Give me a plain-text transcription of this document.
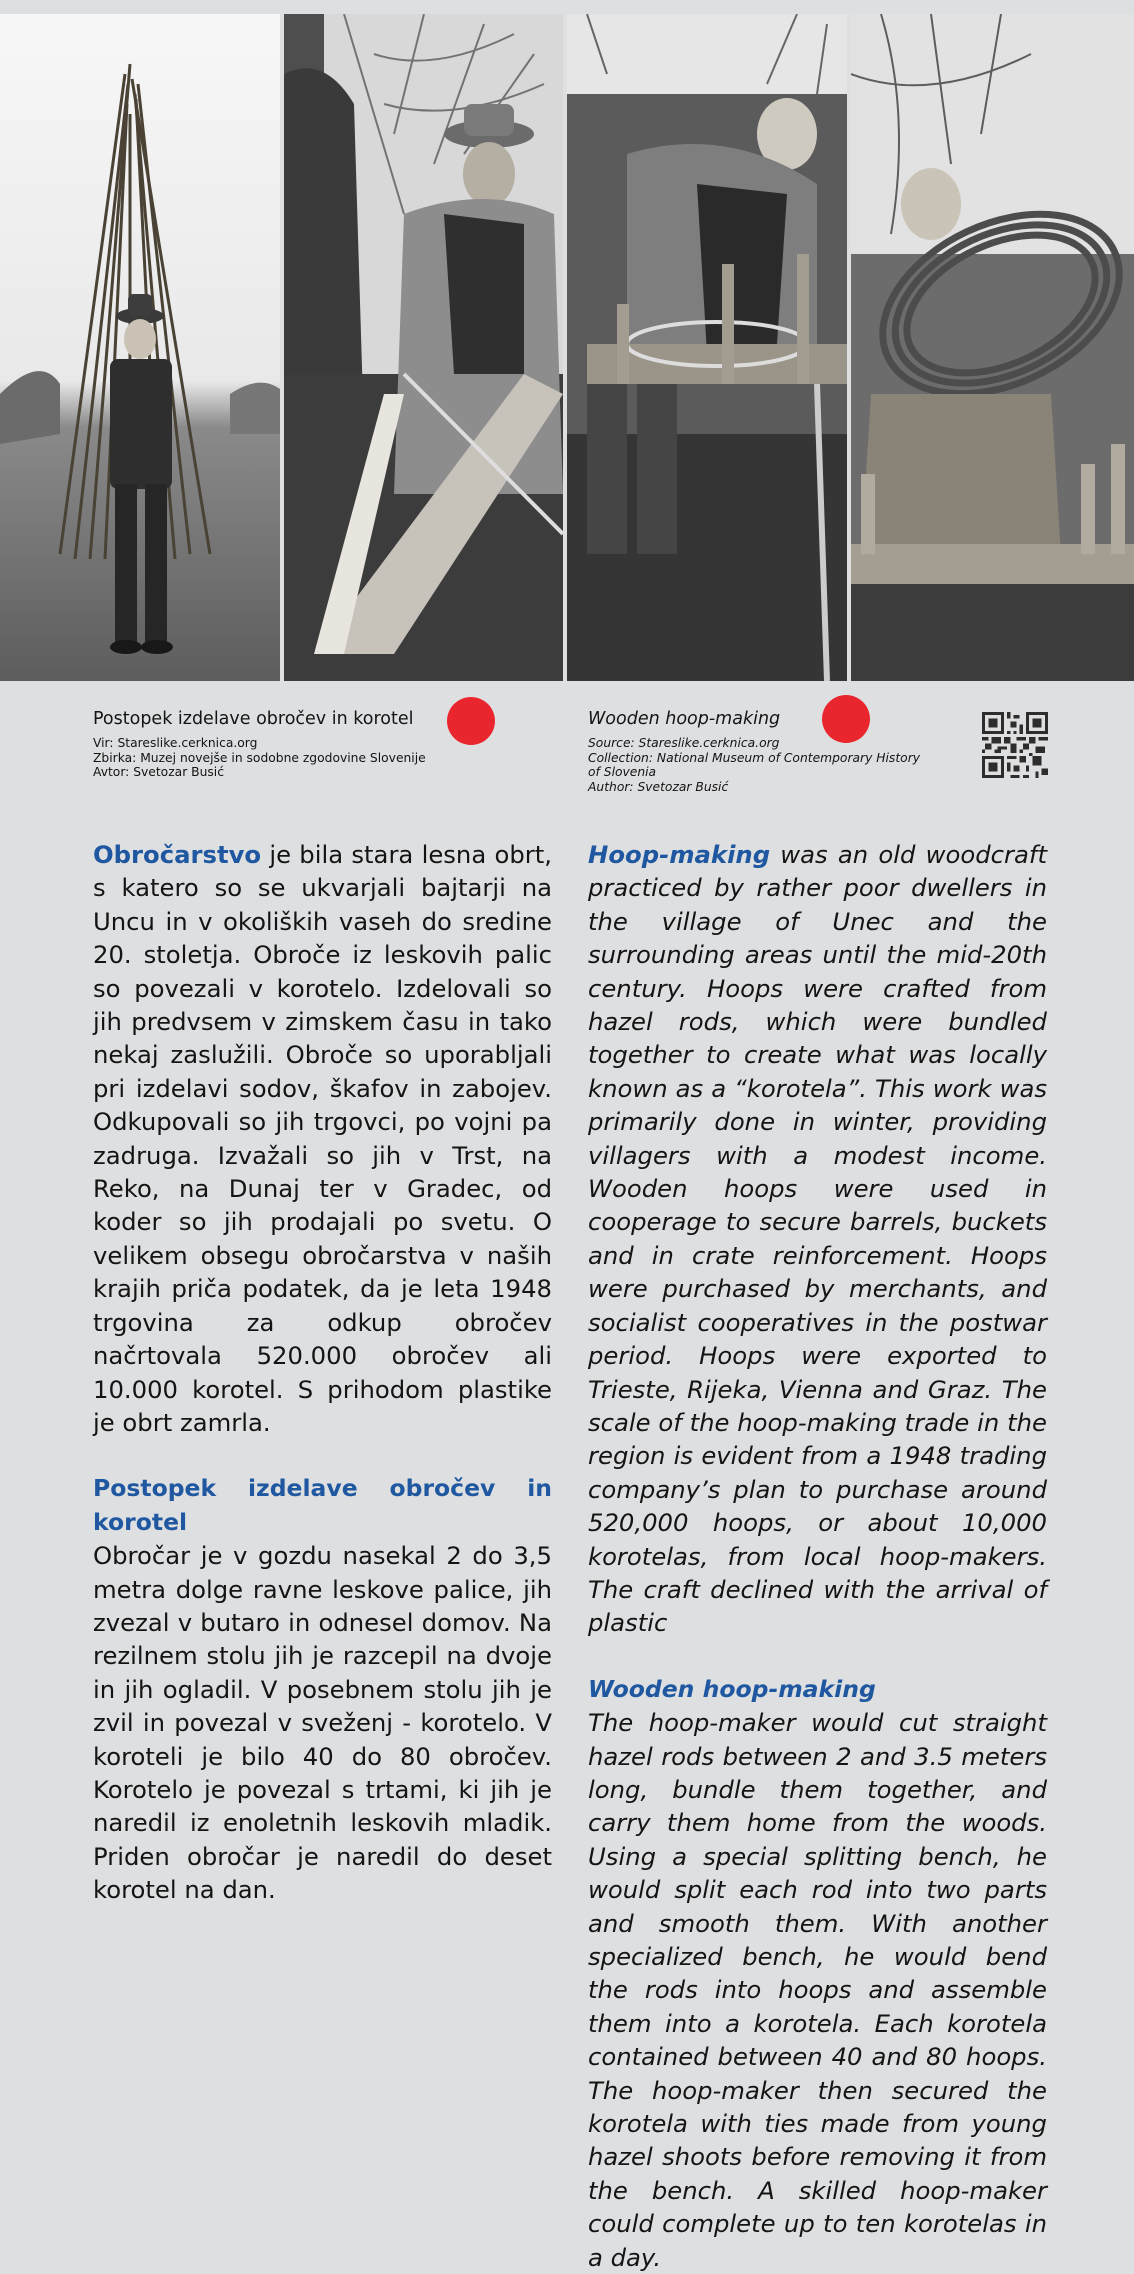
Postopek izdelave obročev in korotel
Vir: Stareslike.cerknica.org
Zbirka: Muzej novejše in sodobne zgodovine Slovenije
Avtor: Svetozar Busić
Wooden hoop-making
Source: Stareslike.cerknica.org
Collection: National Museum of Contemporary History
of Slovenia
Author: Svetozar Busić

Obročarstvo je bila stara lesna obrt, s katero so se ukvarjali bajtarji na Uncu in v okoliških vaseh do sredine 20. stoletja. Obroče iz leskovih palic so povezali v korotelo. Izdelovali so jih predvsem v zimskem času in tako nekaj zaslužili. Obroče so uporabljali pri izdelavi sodov, škafov in zabojev. Odkupovali so jih trgovci, po vojni pa zadruga. Izvažali so jih v Trst, na Reko, na Dunaj ter v Gradec, od koder so jih prodajali po svetu. O velikem obsegu obročarstva v naših krajih priča podatek, da je leta 1948 trgovina za odkup obročev načrtovala 520.000 obročev ali 10.000 korotel. S prihodom plastike je obrt zamrla.

Postopek izdelave obročev in korotel

Obročar je v gozdu nasekal 2 do 3,5 metra dolge ravne leskove palice, jih zvezal v butaro in odnesel domov. Na rezilnem stolu jih je razcepil na dvoje in jih ogladil. V posebnem stolu jih je zvil in povezal v sveženj - korotelo. V koroteli je bilo 40 do 80 obročev. Korotelo je povezal s trtami, ki jih je naredil iz enoletnih leskovih mladik. Priden obročar je naredil do deset korotel na dan.

Hoop-making was an old woodcraft practiced by rather poor dwellers in the village of Unec and the surrounding areas until the mid-20th century. Hoops were crafted from hazel rods, which were bundled together to create what was locally known as a “korotela”. This work was primarily done in winter, providing villagers with a modest income. Wooden hoops were used in cooperage to secure barrels, buckets and in crate reinforcement. Hoops were purchased by merchants, and socialist cooperatives in the postwar period. Hoops were exported to Trieste, Rijeka, Vienna and Graz. The scale of the hoop-making trade in the region is evident from a 1948 trading company’s plan to purchase around 520,000 hoops, or about 10,000 korotelas, from local hoop-makers. The craft declined with the arrival of plastic

Wooden hoop-making

The hoop-maker would cut straight hazel rods between 2 and 3.5 meters long, bundle them together, and carry them home from the woods. Using a special splitting bench, he would split each rod into two parts and smooth them. With another specialized bench, he would bend the rods into hoops and assemble them into a korotela. Each korotela contained between 40 and 80 hoops. The hoop-maker then secured the korotela with ties made from young hazel shoots before removing it from the bench. A skilled hoop-maker could complete up to ten korotelas in a day.
